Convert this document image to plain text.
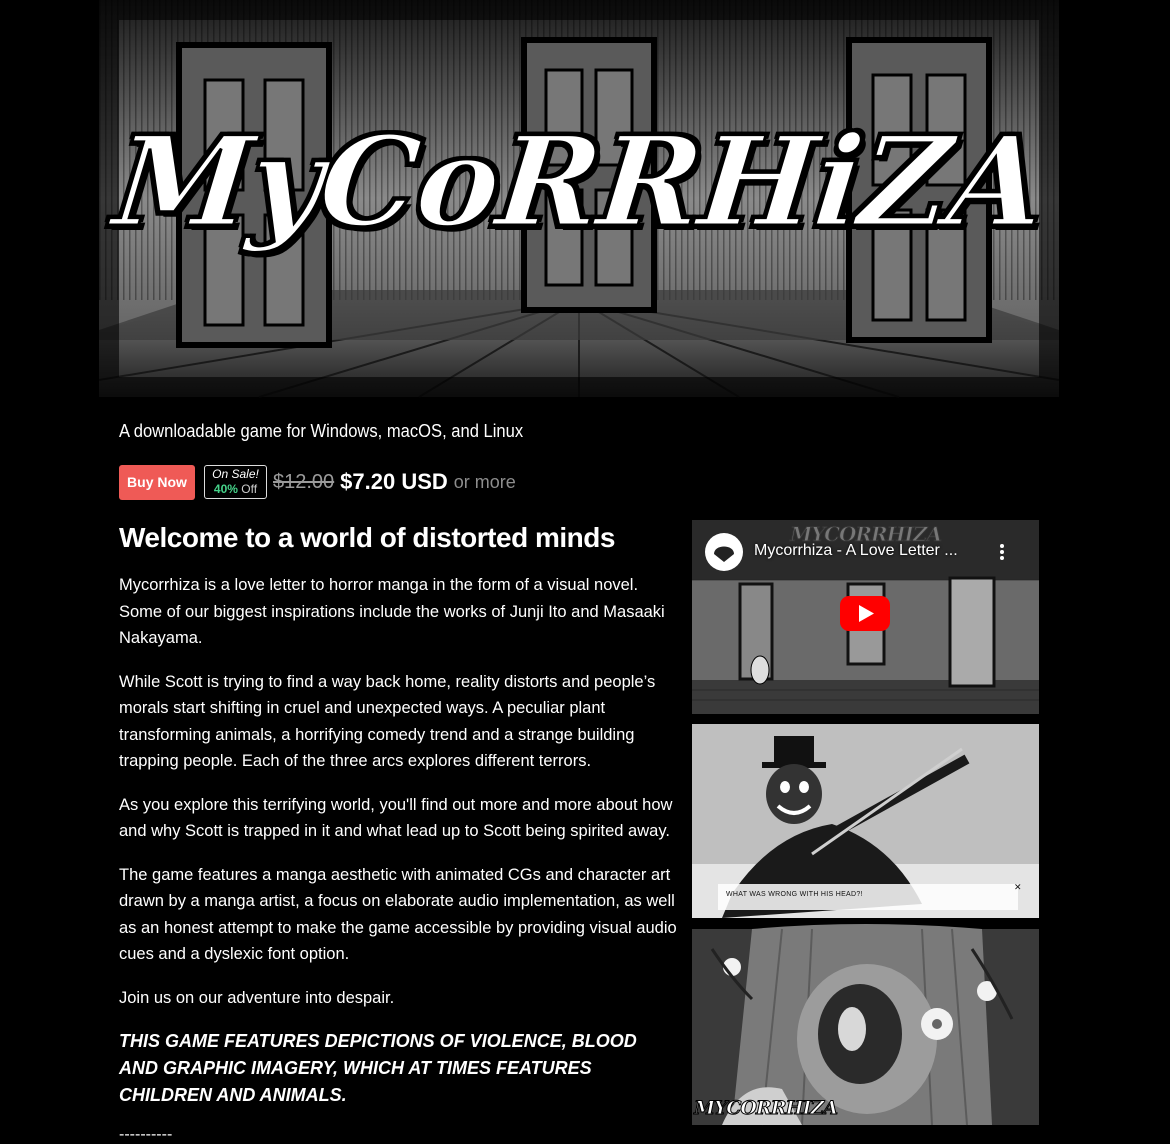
MyCoRRHiZA
A downloadable game for Windows, macOS, and Linux
Buy Now	On Sale!
40% Off $12.00 $7.20 USD or more
Welcome to a world of distorted minds

Mycorrhiza is a love letter to horror manga in the form of a visual novel. Some of our biggest inspirations include the works of Junji Ito and Masaaki Nakayama.

While Scott is trying to find a way back home, reality distorts and people’s morals start shifting in cruel and unexpected ways. A peculiar plant transforming animals, a horrifying comedy trend and a strange building trapping people. Each of the three arcs explores different terrors.

As you explore this terrifying world, you'll find out more and more about how and why Scott is trapped in it and what lead up to Scott being spirited away.

The game features a manga aesthetic with animated CGs and character art drawn by a manga artist, a focus on elaborate audio implementation, as well as an honest attempt to make the game accessible by providing visual audio cues and a dyslexic font option.

Join us on our adventure into despair.

THIS GAME FEATURES DEPICTIONS OF VIOLENCE, BLOOD AND GRAPHIC IMAGERY, WHICH AT TIMES FEATURES CHILDREN AND ANIMALS.

----------

Mycorrhiza - A Love Letter ...
MYCORRHIZA
✕
WHAT WAS WRONG WITH HIS HEAD?!
MYCORRHIZA
